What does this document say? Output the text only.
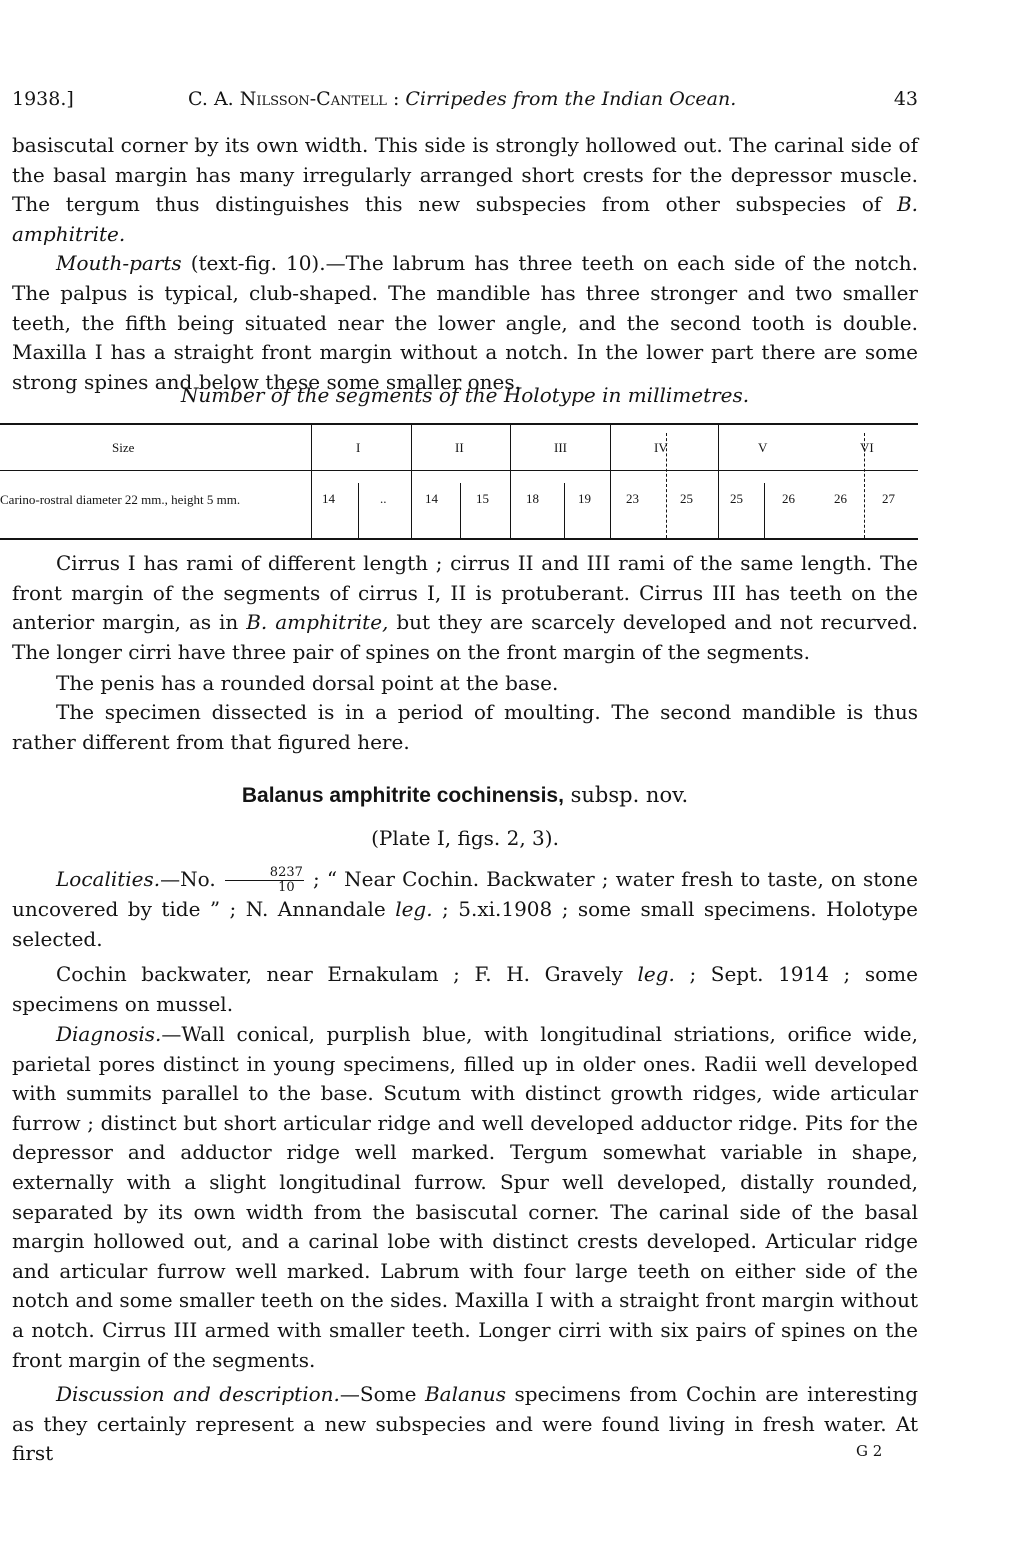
1938.]	C. A. Nilsson-Cantell : Cirripedes from the Indian Ocean.	43

basiscutal corner by its own width. This side is strongly hollowed out. The carinal side of the basal margin has many irregularly arranged short crests for the depressor muscle. The tergum thus distinguishes this new subspecies from other subspecies of B. amphitrite.
Mouth-parts (text-fig. 10).—The labrum has three teeth on each side of the notch. The palpus is typical, club-shaped. The mandible has three stronger and two smaller teeth, the fifth being situated near the lower angle, and the second tooth is double. Maxilla I has a straight front margin without a notch. In the lower part there are some strong spines and below these some smaller ones.

Number of the segments of the Holotype in millimetres.

Size	I	II	III	IV	V	VI
Carino-rostral diameter 22 mm., height 5 mm.	14	..	14	15	18	19	23	25	25	26	26	27

Cirrus I has rami of different length ; cirrus II and III rami of the same length. The front margin of the segments of cirrus I, II is protuberant. Cirrus III has teeth on the anterior margin, as in B. amphitrite, but they are scarcely developed and not recurved. The longer cirri have three pair of spines on the front margin of the segments.

The penis has a rounded dorsal point at the base.

The specimen dissected is in a period of moulting. The second mandible is thus rather different from that figured here.

Balanus amphitrite cochinensis, subsp. nov.

(Plate I, figs. 2, 3).

Localities.—No. $\frac{8237}{10}$ ; “ Near Cochin. Backwater ; water fresh to taste, on stone uncovered by tide ” ; N. Annandale leg. ; 5.xi.1908 ; some small specimens. Holotype selected.

Cochin backwater, near Ernakulam ; F. H. Gravely leg. ; Sept. 1914 ; some specimens on mussel.

Diagnosis.—Wall conical, purplish blue, with longitudinal striations, orifice wide, parietal pores distinct in young specimens, filled up in older ones. Radii well developed with summits parallel to the base. Scutum with distinct growth ridges, wide articular furrow ; distinct but short articular ridge and well developed adductor ridge. Pits for the depressor and adductor ridge well marked. Tergum somewhat variable in shape, externally with a slight longitudinal furrow. Spur well developed, distally rounded, separated by its own width from the basiscutal corner. The carinal side of the basal margin hollowed out, and a carinal lobe with distinct crests developed. Articular ridge and articular furrow well marked. Labrum with four large teeth on either side of the notch and some smaller teeth on the sides. Maxilla I with a straight front margin without a notch. Cirrus III armed with smaller teeth. Longer cirri with six pairs of spines on the front margin of the segments.

Discussion and description.—Some Balanus specimens from Cochin are interesting as they certainly represent a new subspecies and were found living in fresh water. At first	G 2
